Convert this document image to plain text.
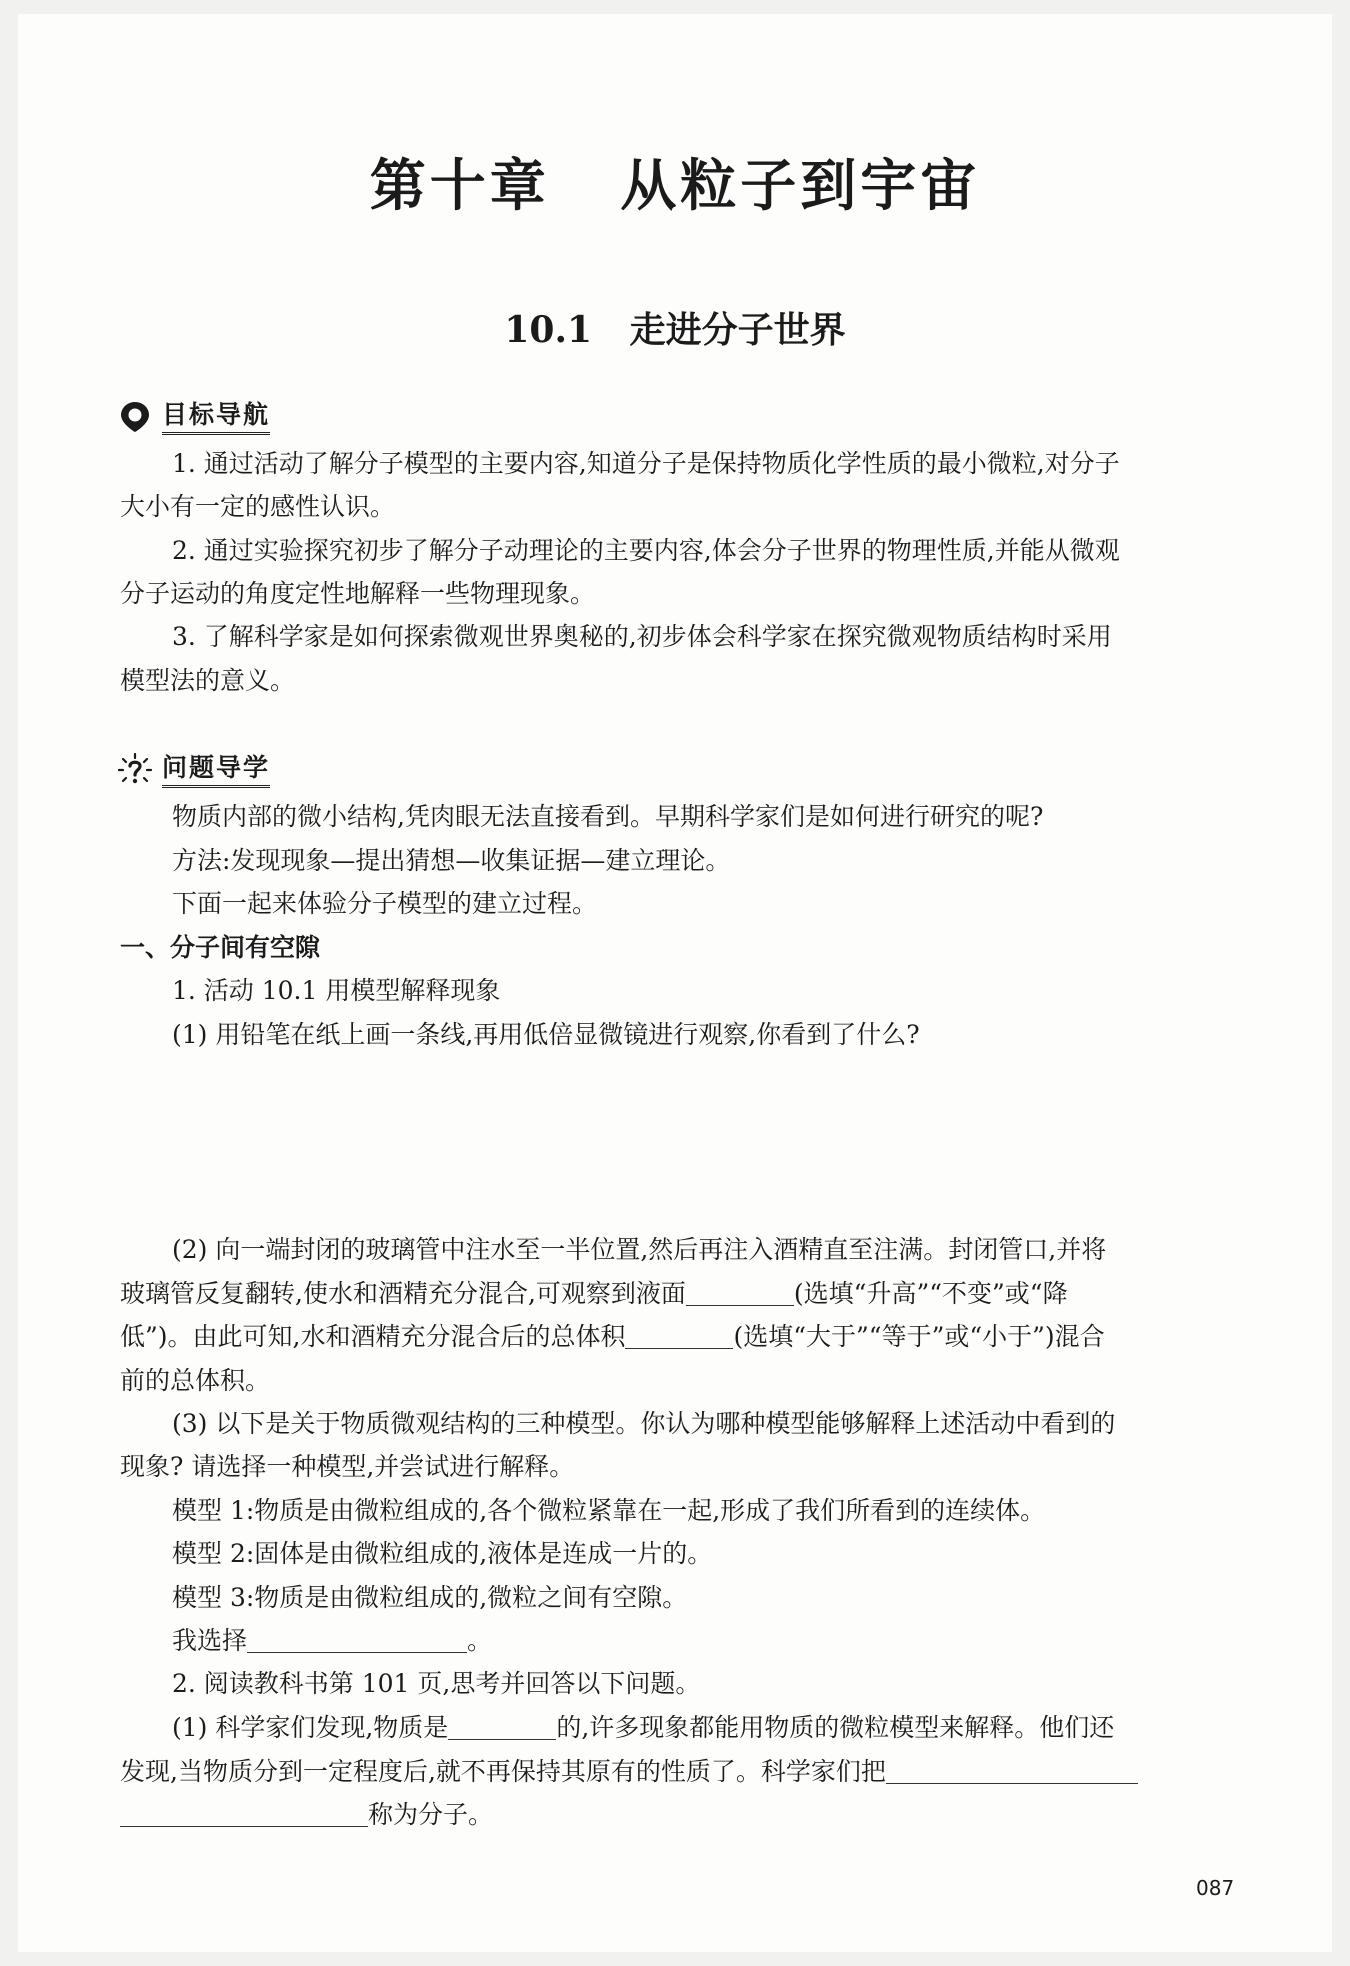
第十章   从粒子到宇宙
10.1   走进分子世界
目标导航
1. 通过活动了解分子模型的主要内容,知道分子是保持物质化学性质的最小微粒,对分子
大小有一定的感性认识。
2. 通过实验探究初步了解分子动理论的主要内容,体会分子世界的物理性质,并能从微观
分子运动的角度定性地解释一些物理现象。
3. 了解科学家是如何探索微观世界奥秘的,初步体会科学家在探究微观物质结构时采用
模型法的意义。
问题导学
物质内部的微小结构,凭肉眼无法直接看到。早期科学家们是如何进行研究的呢?
方法:发现现象—提出猜想—收集证据—建立理论。
下面一起来体验分子模型的建立过程。
一、分子间有空隙
1. 活动 10.1 用模型解释现象
(1) 用铅笔在纸上画一条线,再用低倍显微镜进行观察,你看到了什么?
(2) 向一端封闭的玻璃管中注水至一半位置,然后再注入酒精直至注满。封闭管口,并将
玻璃管反复翻转,使水和酒精充分混合,可观察到液面	(选填“升高”“不变”或“降
低”)。由此可知,水和酒精充分混合后的总体积	(选填“大于”“等于”或“小于”)混合
前的总体积。
(3) 以下是关于物质微观结构的三种模型。你认为哪种模型能够解释上述活动中看到的
现象? 请选择一种模型,并尝试进行解释。
模型 1:物质是由微粒组成的,各个微粒紧靠在一起,形成了我们所看到的连续体。
模型 2:固体是由微粒组成的,液体是连成一片的。
模型 3:物质是由微粒组成的,微粒之间有空隙。
我选择	。
2. 阅读教科书第 101 页,思考并回答以下问题。
(1) 科学家们发现,物质是	的,许多现象都能用物质的微粒模型来解释。他们还
发现,当物质分到一定程度后,就不再保持其原有的性质了。科学家们把
称为分子。
087
